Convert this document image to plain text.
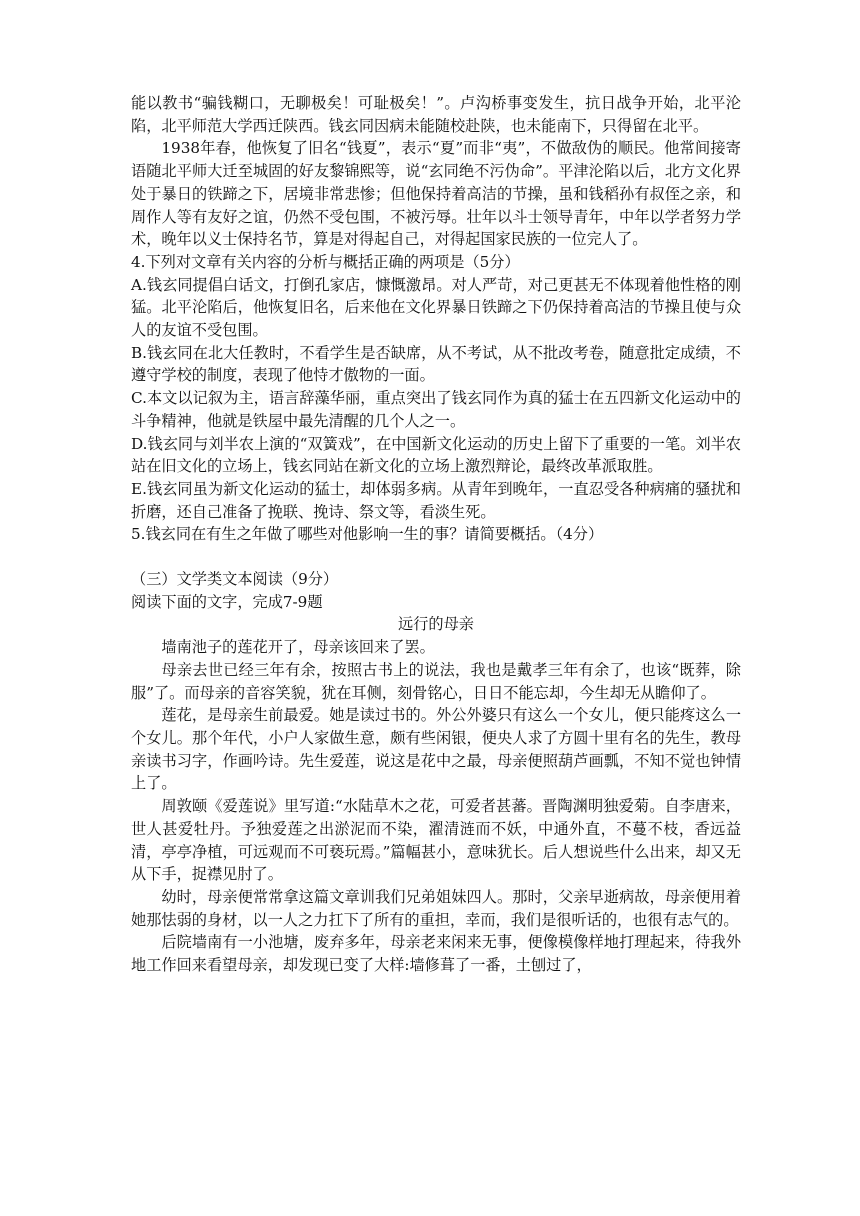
能以教书“骗钱糊口，无聊极矣！可耻极矣！”。卢沟桥事变发生，抗日战争开始，北平沦陷，北平师范大学西迁陕西。钱玄同因病未能随校赴陕，也未能南下，只得留在北平。

1938年春，他恢复了旧名“钱夏”，表示“夏”而非“夷”，不做敌伪的顺民。他常间接寄语随北平师大迁至城固的好友黎锦熙等，说“玄同绝不污伪命”。平津沦陷以后，北方文化界处于暴日的铁蹄之下，居境非常悲惨；但他保持着高洁的节操，虽和钱稻孙有叔侄之亲，和周作人等有友好之谊，仍然不受包围，不被污辱。壮年以斗士领导青年，中年以学者努力学术，晚年以义士保持名节，算是对得起自己，对得起国家民族的一位完人了。

4.下列对文章有关内容的分析与概括正确的两项是（5分）

A.钱玄同提倡白话文，打倒孔家店，慷慨激昂。对人严苛，对己更甚无不体现着他性格的刚猛。北平沦陷后，他恢复旧名，后来他在文化界暴日铁蹄之下仍保持着高洁的节操且使与众人的友谊不受包围。

B.钱玄同在北大任教时，不看学生是否缺席，从不考试，从不批改考卷，随意批定成绩，不遵守学校的制度，表现了他恃才傲物的一面。

C.本文以记叙为主，语言辞藻华丽，重点突出了钱玄同作为真的猛士在五四新文化运动中的斗争精神，他就是铁屋中最先清醒的几个人之一。

D.钱玄同与刘半农上演的“双簧戏”，在中国新文化运动的历史上留下了重要的一笔。刘半农站在旧文化的立场上，钱玄同站在新文化的立场上激烈辩论，最终改革派取胜。

E.钱玄同虽为新文化运动的猛士，却体弱多病。从青年到晚年，一直忍受各种病痛的骚扰和折磨，还自己准备了挽联、挽诗、祭文等，看淡生死。

5.钱玄同在有生之年做了哪些对他影响一生的事？请简要概括。（4分）

（三）文学类文本阅读（9分）

阅读下面的文字，完成7-9题

远行的母亲

墙南池子的莲花开了，母亲该回来了罢。

母亲去世已经三年有余，按照古书上的说法，我也是戴孝三年有余了，也该“既葬，除服”了。而母亲的音容笑貌，犹在耳侧，刻骨铭心，日日不能忘却，今生却无从瞻仰了。

莲花，是母亲生前最爱。她是读过书的。外公外婆只有这么一个女儿，便只能疼这么一个女儿。那个年代，小户人家做生意，颇有些闲银，便央人求了方圆十里有名的先生，教母亲读书习字，作画吟诗。先生爱莲，说这是花中之最，母亲便照葫芦画瓢，不知不觉也钟情上了。

周敦颐《爱莲说》里写道:“水陆草木之花，可爱者甚蕃。晋陶渊明独爱菊。自李唐来，世人甚爱牡丹。予独爱莲之出淤泥而不染，濯清涟而不妖，中通外直，不蔓不枝，香远益清，亭亭净植，可远观而不可亵玩焉。”篇幅甚小，意味犹长。后人想说些什么出来，却又无从下手，捉襟见肘了。

幼时，母亲便常常拿这篇文章训我们兄弟姐妹四人。那时，父亲早逝病故，母亲便用着她那怯弱的身材，以一人之力扛下了所有的重担，幸而，我们是很听话的，也很有志气的。

后院墙南有一小池塘，废弃多年，母亲老来闲来无事，便像模像样地打理起来，待我外地工作回来看望母亲，却发现已变了大样:墙修葺了一番，土刨过了，
